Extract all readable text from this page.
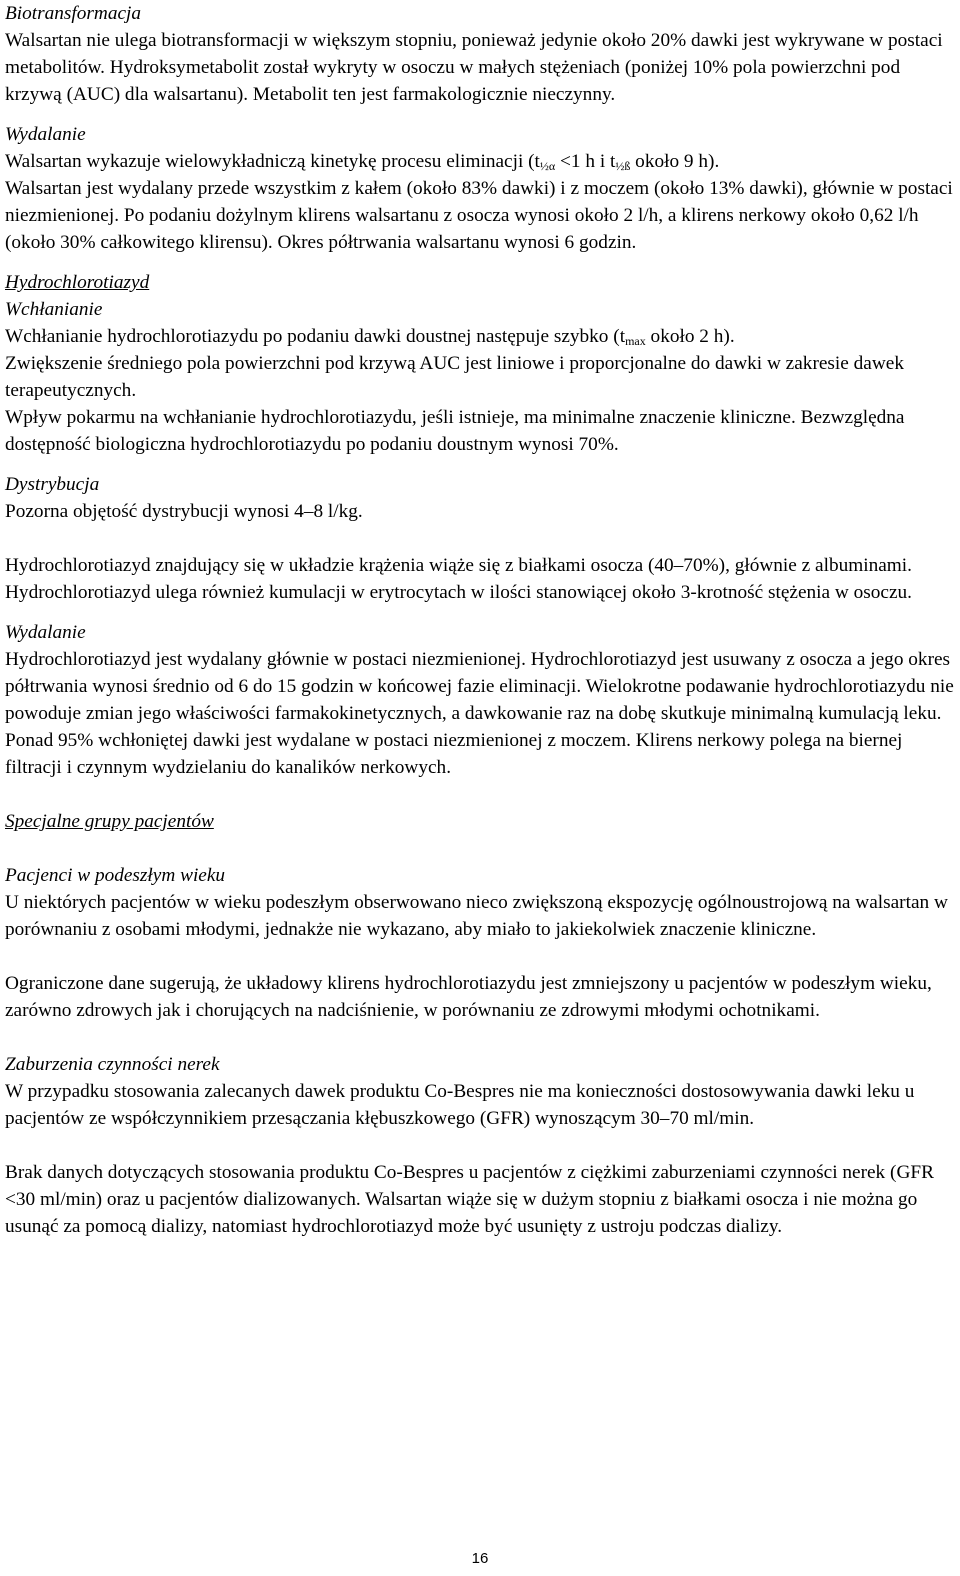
Biotransformacja

Walsartan nie ulega biotransformacji w większym stopniu, ponieważ jedynie około 20% dawki jest wykrywane w postaci metabolitów. Hydroksymetabolit został wykryty w osoczu w małych stężeniach (poniżej 10% pola powierzchni pod krzywą (AUC) dla walsartanu). Metabolit ten jest farmakologicznie nieczynny.

Wydalanie

Walsartan wykazuje wielowykładniczą kinetykę procesu eliminacji ($t_{\frac{1}{2}\alpha} <1$ h i $t_{\frac{1}{2}ß}$ około 9 h).

Walsartan jest wydalany przede wszystkim z kałem (około 83% dawki) i z moczem (około 13% dawki), głównie w postaci niezmienionej. Po podaniu dożylnym klirens walsartanu z osocza wynosi około 2 l/h, a klirens nerkowy około 0,62 l/h (około 30% całkowitego klirensu). Okres półtrwania walsartanu wynosi 6 godzin.

Hydrochlorotiazyd

Wchłanianie

Wchłanianie hydrochlorotiazydu po podaniu dawki doustnej następuje szybko ($t_{max}$ około 2 h).

Zwiększenie średniego pola powierzchni pod krzywą AUC jest liniowe i proporcjonalne do dawki w zakresie dawek terapeutycznych.

Wpływ pokarmu na wchłanianie hydrochlorotiazydu, jeśli istnieje, ma minimalne znaczenie kliniczne. Bezwzględna dostępność biologiczna hydrochlorotiazydu po podaniu doustnym wynosi 70%.

Dystrybucja

Pozorna objętość dystrybucji wynosi 4–8 l/kg.

Hydrochlorotiazyd znajdujący się w układzie krążenia wiąże się z białkami osocza (40–70%), głównie z albuminami. Hydrochlorotiazyd ulega również kumulacji w erytrocytach w ilości stanowiącej około 3-krotność stężenia w osoczu.

Wydalanie

Hydrochlorotiazyd jest wydalany głównie w postaci niezmienionej. Hydrochlorotiazyd jest usuwany z osocza a jego okres półtrwania wynosi średnio od 6 do 15 godzin w końcowej fazie eliminacji. Wielokrotne podawanie hydrochlorotiazydu nie powoduje zmian jego właściwości farmakokinetycznych, a dawkowanie raz na dobę skutkuje minimalną kumulacją leku. Ponad 95% wchłoniętej dawki jest wydalane w postaci niezmienionej z moczem. Klirens nerkowy polega na biernej filtracji i czynnym wydzielaniu do kanalików nerkowych.

Specjalne grupy pacjentów

Pacjenci w podeszłym wieku

U niektórych pacjentów w wieku podeszłym obserwowano nieco zwiększoną ekspozycję ogólnoustrojową na walsartan w porównaniu z osobami młodymi, jednakże nie wykazano, aby miało to jakiekolwiek znaczenie kliniczne.

Ograniczone dane sugerują, że układowy klirens hydrochlorotiazydu jest zmniejszony u pacjentów w podeszłym wieku, zarówno zdrowych jak i chorujących na nadciśnienie, w porównaniu ze zdrowymi młodymi ochotnikami.

Zaburzenia czynności nerek

W przypadku stosowania zalecanych dawek produktu Co-Bespres nie ma konieczności dostosowywania dawki leku u pacjentów ze współczynnikiem przesączania kłębuszkowego (GFR) wynoszącym 30–70 ml/min.

Brak danych dotyczących stosowania produktu Co-Bespres u pacjentów z ciężkimi zaburzeniami czynności nerek (GFR <30 ml/min) oraz u pacjentów dializowanych. Walsartan wiąże się w dużym stopniu z białkami osocza i nie można go usunąć za pomocą dializy, natomiast hydrochlorotiazyd może być usunięty z ustroju podczas dializy.

16
